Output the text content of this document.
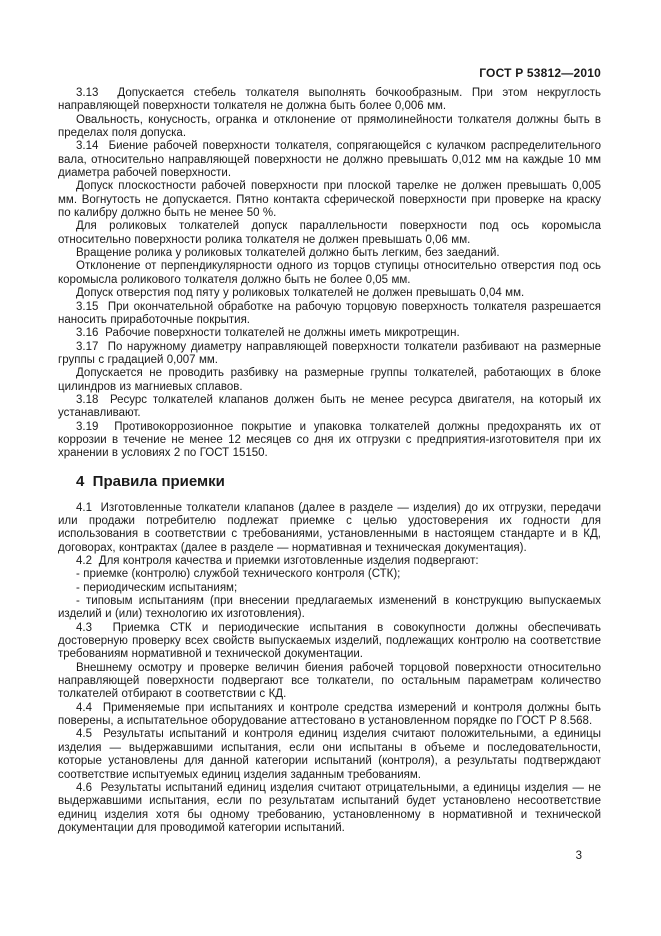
ГОСТ Р 53812—2010

3.13  Допускается стебель толкателя выполнять бочкообразным. При этом некруглость направляющей поверхности толкателя не должна быть более 0,006 мм.

Овальность, конусность, огранка и отклонение от прямолинейности толкателя должны быть в пределах поля допуска.

3.14  Биение рабочей поверхности толкателя, сопрягающейся с кулачком распределительного вала, относительно направляющей поверхности не должно превышать 0,012 мм на каждые 10 мм диаметра рабочей поверхности.

Допуск плоскостности рабочей поверхности при плоской тарелке не должен превышать 0,005 мм. Вогнутость не допускается. Пятно контакта сферической поверхности при проверке на краску по калибру должно быть не менее 50 %.

Для роликовых толкателей допуск параллельности поверхности под ось коромысла относительно поверхности ролика толкателя не должен превышать 0,06 мм.

Вращение ролика у роликовых толкателей должно быть легким, без заеданий.

Отклонение от перпендикулярности одного из торцов ступицы относительно отверстия под ось коромысла роликового толкателя должно быть не более 0,05 мм.

Допуск отверстия под пяту у роликовых толкателей не должен превышать 0,04 мм.

3.15  При окончательной обработке на рабочую торцовую поверхность толкателя разрешается наносить приработочные покрытия.

3.16  Рабочие поверхности толкателей не должны иметь микротрещин.

3.17  По наружному диаметру направляющей поверхности толкатели разбивают на размерные группы с градацией 0,007 мм.

Допускается не проводить разбивку на размерные группы толкателей, работающих в блоке цилиндров из магниевых сплавов.

3.18  Ресурс толкателей клапанов должен быть не менее ресурса двигателя, на который их устанавливают.

3.19  Противокоррозионное покрытие и упаковка толкателей должны предохранять их от коррозии в течение не менее 12 месяцев со дня их отгрузки с предприятия-изготовителя при их хранении в условиях 2 по ГОСТ 15150.

4  Правила приемки

4.1  Изготовленные толкатели клапанов (далее в разделе — изделия) до их отгрузки, передачи или продажи потребителю подлежат приемке с целью удостоверения их годности для использования в соответствии с требованиями, установленными в настоящем стандарте и в КД, договорах, контрактах (далее в разделе — нормативная и техническая документация).

4.2  Для контроля качества и приемки изготовленные изделия подвергают:

- приемке (контролю) службой технического контроля (СТК);

- периодическим испытаниям;

- типовым испытаниям (при внесении предлагаемых изменений в конструкцию выпускаемых изделий и (или) технологию их изготовления).

4.3  Приемка СТК и периодические испытания в совокупности должны обеспечивать достоверную проверку всех свойств выпускаемых изделий, подлежащих контролю на соответствие требованиям нормативной и технической документации.

Внешнему осмотру и проверке величин биения рабочей торцовой поверхности относительно направляющей поверхности подвергают все толкатели, по остальным параметрам количество толкателей отбирают в соответствии с КД.

4.4  Применяемые при испытаниях и контроле средства измерений и контроля должны быть поверены, а испытательное оборудование аттестовано в установленном порядке по ГОСТ Р 8.568.

4.5  Результаты испытаний и контроля единиц изделия считают положительными, а единицы изделия — выдержавшими испытания, если они испытаны в объеме и последовательности, которые установлены для данной категории испытаний (контроля), а результаты подтверждают соответствие испытуемых единиц изделия заданным требованиям.

4.6  Результаты испытаний единиц изделия считают отрицательными, а единицы изделия — не выдержавшими испытания, если по результатам испытаний будет установлено несоответствие единиц изделия хотя бы одному требованию, установленному в нормативной и технической документации для проводимой категории испытаний.

3
